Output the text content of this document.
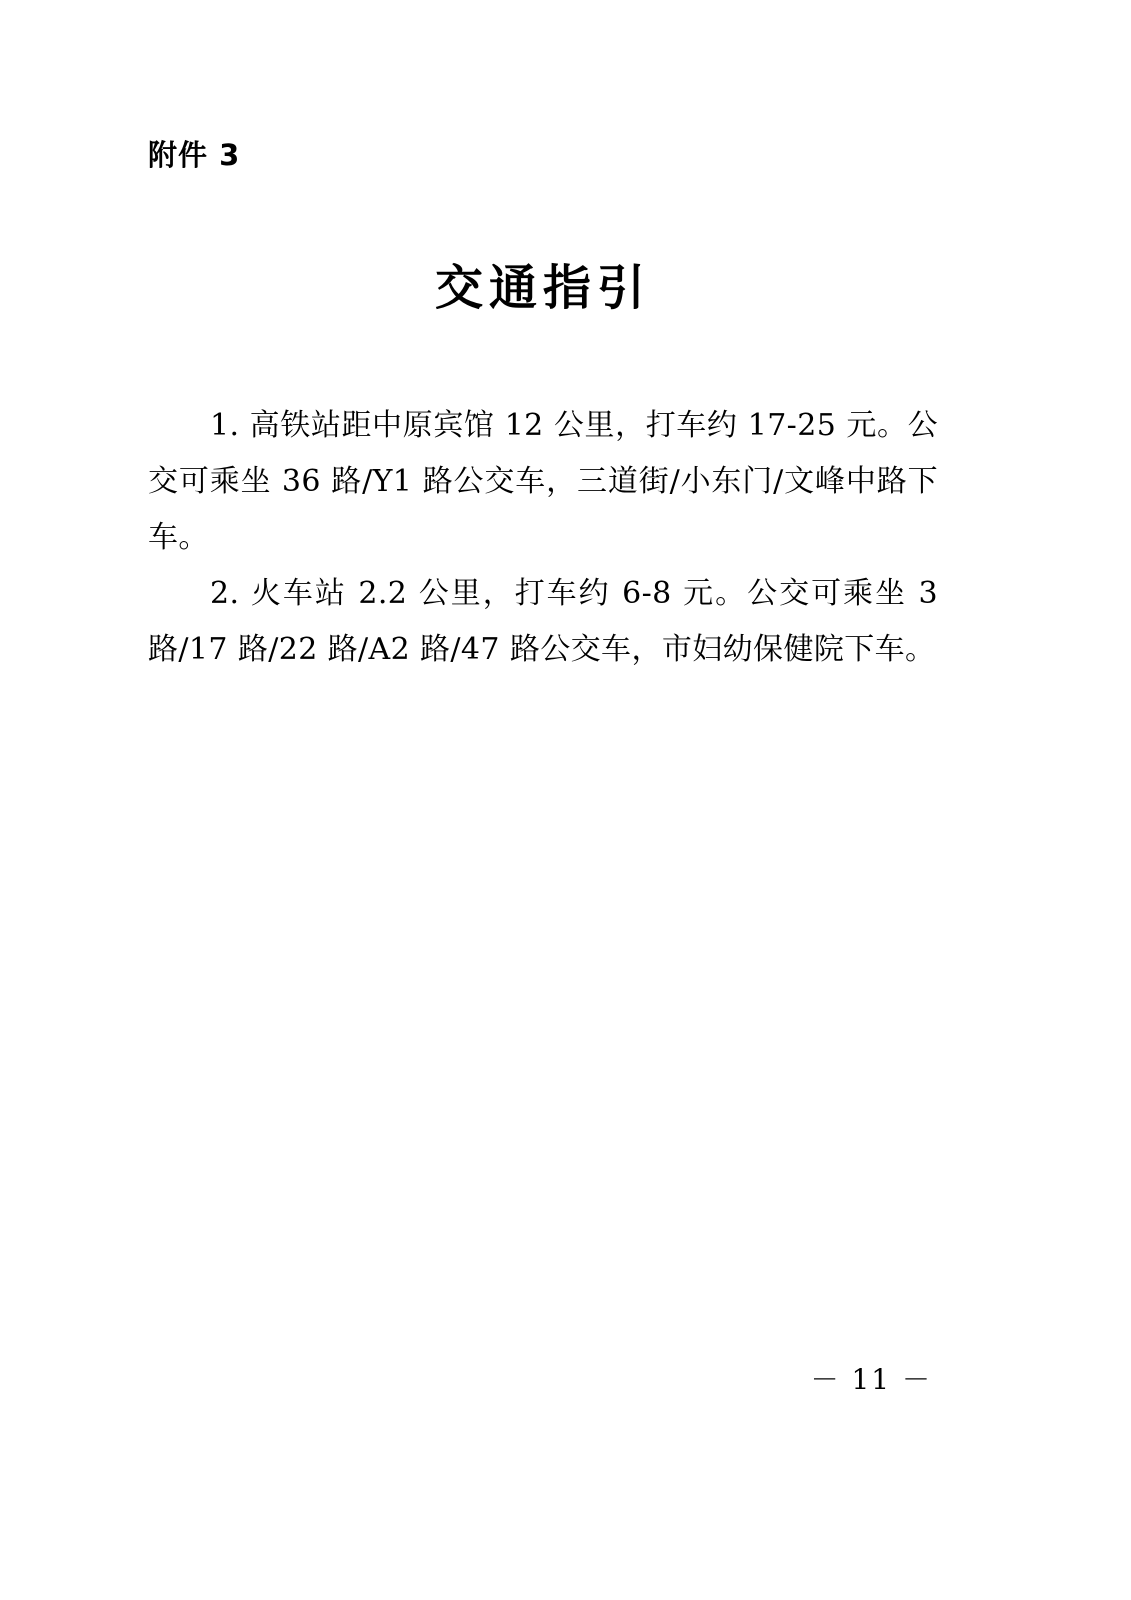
附件 3
交通指引

1. 高铁站距中原宾馆 12 公里，打车约 17-25 元。公交可乘坐 36 路/Y1 路公交车，三道街/小东门/文峰中路下车。

2. 火车站 2.2 公里，打车约 6-8 元。公交可乘坐 3 路/17 路/22 路/A2 路/47 路公交车，市妇幼保健院下车。

－ 11 －
